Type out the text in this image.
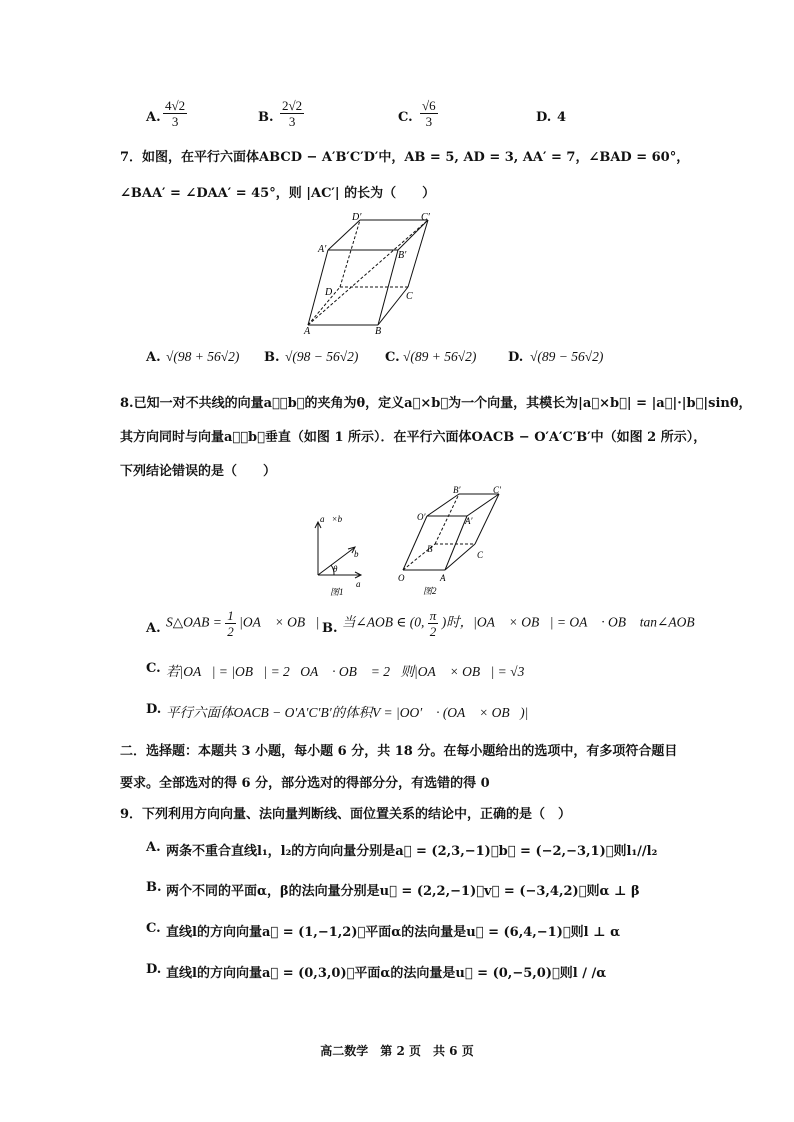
A. $\frac{4√2}{3}$	B. $\frac{2√2}{3}$	C. $\frac{√6}{3}$	D. 4
7．如图，在平行六面体ABCD − A′B′C′D′中，AB = 5, AD = 3, AA′ = 7，∠BAD = 60°，
∠BAA′ = ∠DAA′ = 45°，则 |AC′| 的长为（　　）
D′	C′
A′
B′
D	C
A	B
A. √(98 + 56√2) B. √(98 − 56√2) C. √(89 + 56√2) D. √(89 − 56√2)
8.已知一对不共线的向量a⃗，b⃗的夹角为θ，定义a⃗×b⃗为一个向量，其模长为|a⃗×b⃗| = |a⃗|·|b⃗|sinθ，
其方向同时与向量a⃗，b⃗垂直（如图 1 所示）．在平行六面体OACB − O′A′C′B′中（如图 2 所示），
下列结论错误的是（　　）
a⃗×b⃗
b⃗
θ
a⃗
图1
B′	C′
O′	A′
B
C
O	A
图2
A. S△OAB = $\frac{1}{2}$ |OA⃗ × OB⃗| B. 当∠AOB ∈ (0, $\frac{\pi}{2}$ )时，|OA⃗ × OB⃗| = OA⃗ · OB⃗ tan∠AOB
C. 若|OA⃗| = |OB⃗| = 2，OA⃗ · OB⃗ = 2，则|OA⃗ × OB⃗| = √3
D. 平行六面体OACB − O′A′C′B′的体积V = |OO′⃗ · (OA⃗ × OB⃗)|
二．选择题：本题共 3 小题，每小题 6 分，共 18 分。在每小题给出的选项中，有多项符合题目
要求。全部选对的得 6 分，部分选对的得部分分，有选错的得 0
9．下列利用方向向量、法向量判断线、面位置关系的结论中，正确的是（　）
A. 两条不重合直线l₁，l₂的方向向量分别是a⃗ = (2,3,−1)，b⃗ = (−2,−3,1)，则l₁//l₂
B. 两个不同的平面α，β的法向量分别是u⃗ = (2,2,−1)，v⃗ = (−3,4,2)，则α ⊥ β
C. 直线l的方向向量a⃗ = (1,−1,2)，平面α的法向量是u⃗ = (6,4,−1)，则l ⊥ α
D. 直线l的方向向量a⃗ = (0,3,0)，平面α的法向量是u⃗ = (0,−5,0)，则l / /α
高二数学　第 2 页　共 6 页
